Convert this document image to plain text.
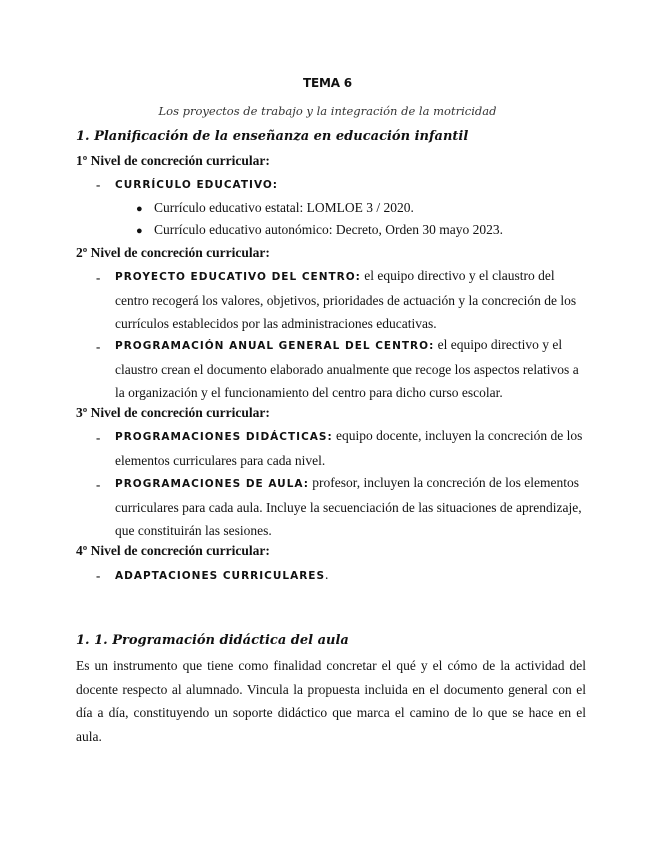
TEMA 6
Los proyectos de trabajo y la integración de la motricidad
1. Planificación de la enseñanza en educación infantil
1º Nivel de concreción curricular:
- CURRÍCULO EDUCATIVO:
● Currículo educativo estatal: LOMLOE 3 / 2020.
● Currículo educativo autonómico: Decreto, Orden 30 mayo 2023.
2º Nivel de concreción curricular:
- PROYECTO EDUCATIVO DEL CENTRO: el equipo directivo y el claustro del centro recogerá los valores, objetivos, prioridades de actuación y la concreción de los currículos establecidos por las administraciones educativas.
- PROGRAMACIÓN ANUAL GENERAL DEL CENTRO: el equipo directivo y el claustro crean el documento elaborado anualmente que recoge los aspectos relativos a la organización y el funcionamiento del centro para dicho curso escolar.
3º Nivel de concreción curricular:
- PROGRAMACIONES DIDÁCTICAS: equipo docente, incluyen la concreción de los elementos curriculares para cada nivel.
- PROGRAMACIONES DE AULA: profesor, incluyen la concreción de los elementos curriculares para cada aula. Incluye la secuenciación de las situaciones de aprendizaje, que constituirán las sesiones.
4º Nivel de concreción curricular:
- ADAPTACIONES CURRICULARES.
1. 1. Programación didáctica del aula
Es un instrumento que tiene como finalidad concretar el qué y el cómo de la actividad del docente respecto al alumnado. Vincula la propuesta incluida en el documento general con el día a día, constituyendo un soporte didáctico que marca el camino de lo que se hace en el aula.
